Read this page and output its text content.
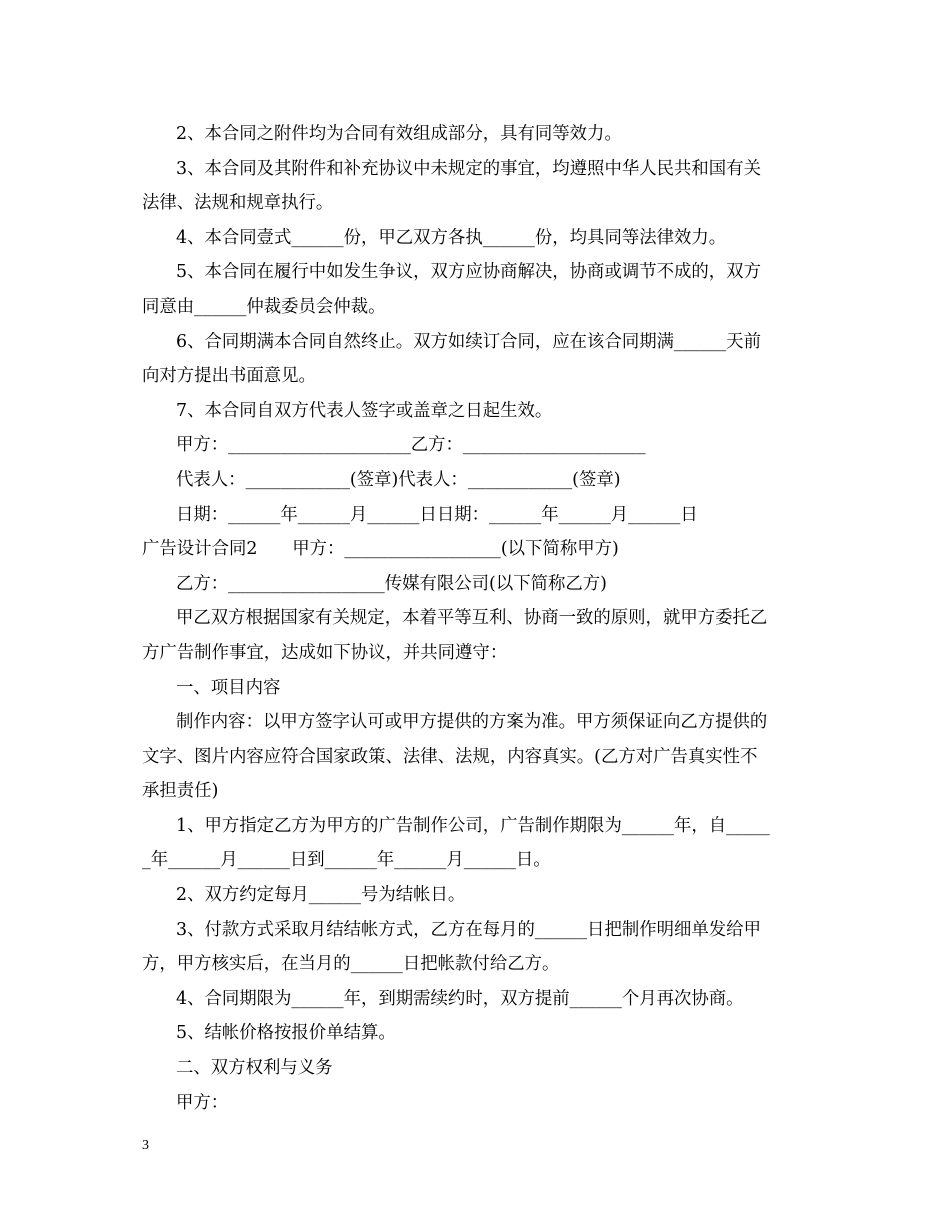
2、本合同之附件均为合同有效组成部分，具有同等效力。
3、本合同及其附件和补充协议中未规定的事宜，均遵照中华人民共和国有关
法律、法规和规章执行。
4、本合同壹式______份，甲乙双方各执______份，均具同等法律效力。
5、本合同在履行中如发生争议，双方应协商解决，协商或调节不成的，双方
同意由______仲裁委员会仲裁。
6、合同期满本合同自然终止。双方如续订合同，应在该合同期满______天前
向对方提出书面意见。
7、本合同自双方代表人签字或盖章之日起生效。
甲方：_____________________乙方：_____________________
代表人：____________(签章)代表人：____________(签章)
日期：______年______月______日日期：______年______月______日
广告设计合同2　　甲方：__________________(以下简称甲方)
乙方：__________________传媒有限公司(以下简称乙方)
甲乙双方根据国家有关规定，本着平等互利、协商一致的原则，就甲方委托乙
方广告制作事宜，达成如下协议，并共同遵守：
一、项目内容
制作内容：以甲方签字认可或甲方提供的方案为准。甲方须保证向乙方提供的
文字、图片内容应符合国家政策、法律、法规，内容真实。(乙方对广告真实性不
承担责任)
1、甲方指定乙方为甲方的广告制作公司，广告制作期限为______年，自_____
_年______月______日到______年______月______日。
2、双方约定每月______号为结帐日。
3、付款方式采取月结结帐方式，乙方在每月的______日把制作明细单发给甲
方，甲方核实后，在当月的______日把帐款付给乙方。
4、合同期限为______年，到期需续约时，双方提前______个月再次协商。
5、结帐价格按报价单结算。
二、双方权利与义务
甲方：
3
